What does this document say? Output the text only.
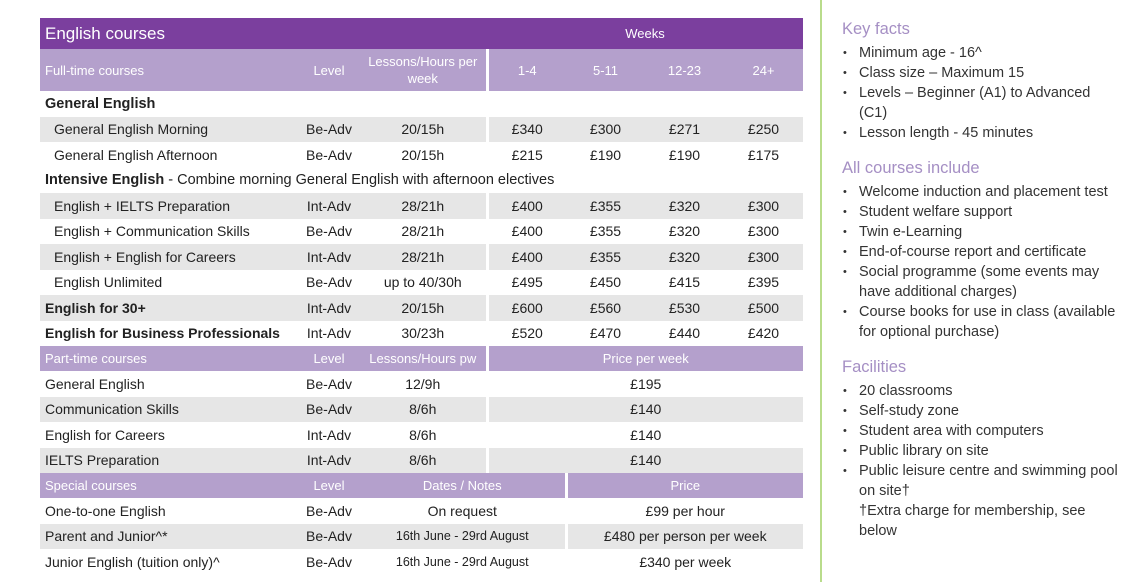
English courses			Weeks			
Full-time courses	Level	Lessons/Hours per week	1-4	5-11	12-23	24+
General English						
General English Morning	Be-Adv	20/15h	£340	£300	£271	£250
General English Afternoon	Be-Adv	20/15h	£215	£190	£190	£175
Intensive English - Combine morning General English with afternoon electives						
English + IELTS Preparation	Int-Adv	28/21h	£400	£355	£320	£300
English + Communication Skills	Be-Adv	28/21h	£400	£355	£320	£300
English + English for Careers	Int-Adv	28/21h	£400	£355	£320	£300
English Unlimited	Be-Adv	up to 40/30h	£495	£450	£415	£395
English for 30+	Int-Adv	20/15h	£600	£560	£530	£500
English for Business Professionals	Int-Adv	30/23h	£520	£470	£440	£420
Part-time courses	Level	Lessons/Hours pw	Price per week			
General English	Be-Adv	12/9h	£195			
Communication Skills	Be-Adv	8/6h	£140			
English for Careers	Int-Adv	8/6h	£140			
IELTS Preparation	Int-Adv	8/6h	£140			
Special courses	Level	Dates / Notes		Price		
One-to-one English	Be-Adv	On request		£99 per hour		
Parent and Junior^*	Be-Adv	16th June - 29rd August		£480 per person per week		
Junior English (tuition only)^	Be-Adv	16th June - 29rd August		£340 per week		
Key facts
• Minimum age - 16^
• Class size – Maximum 15
• Levels – Beginner (A1) to Advanced (C1)
• Lesson length - 45 minutes
All courses include
• Welcome induction and placement test
• Student welfare support
• Twin e-Learning
• End-of-course report and certificate
• Social programme (some events may have additional charges)
• Course books for use in class (available for optional purchase)
Facilities
• 20 classrooms
• Self-study zone
• Student area with computers
• Public library on site
• Public leisure centre and swimming pool on site†
†Extra charge for membership, see below
